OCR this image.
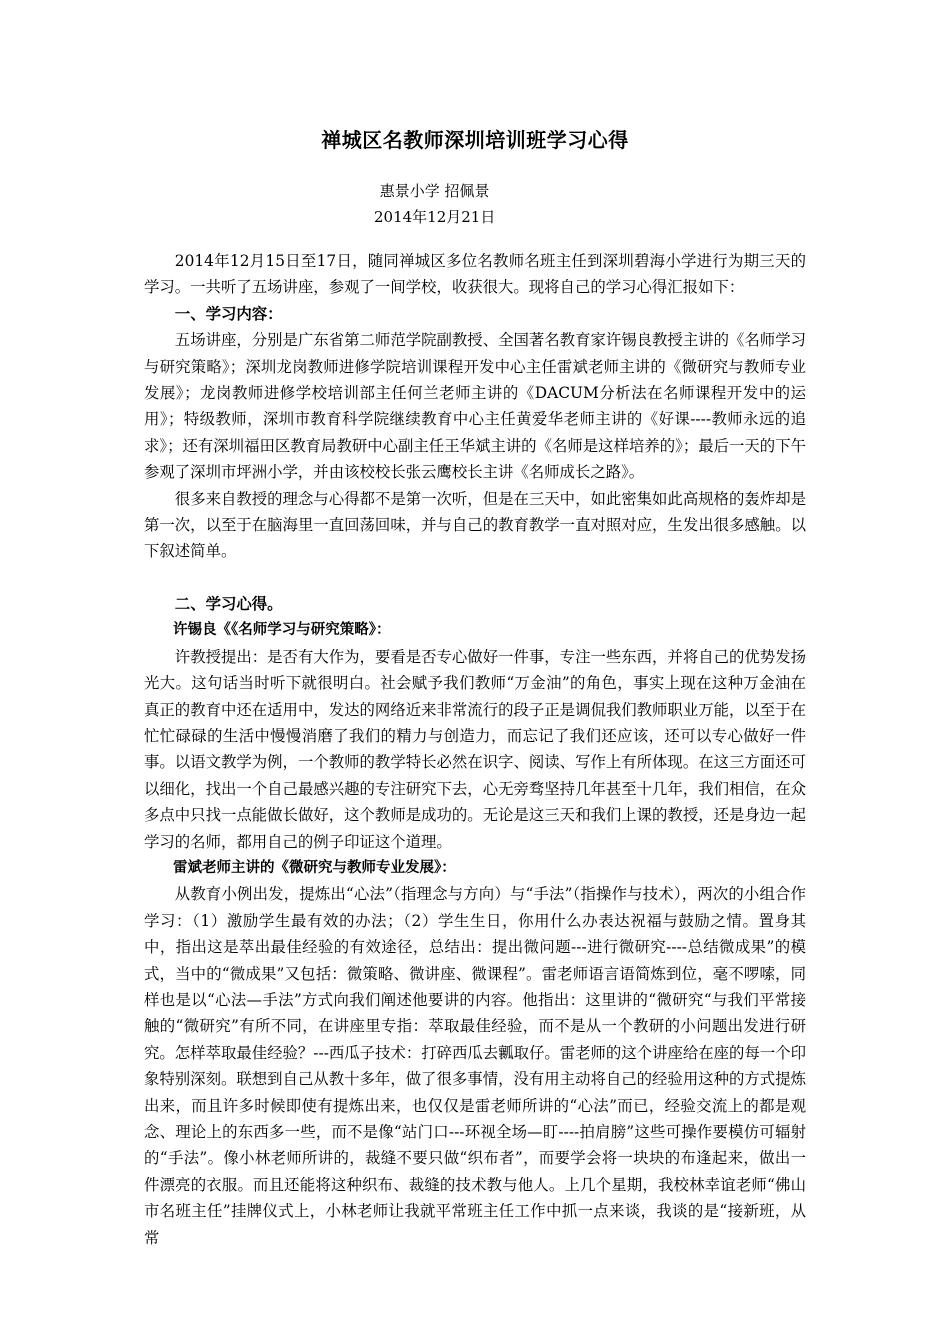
禅城区名教师深圳培训班学习心得
惠景小学 招佩景
2014年12月21日

2014年12月15日至17日，随同禅城区多位名教师名班主任到深圳碧海小学进行为期三天的学习。一共听了五场讲座，参观了一间学校，收获很大。现将自己的学习心得汇报如下：

一、学习内容：

五场讲座，分别是广东省第二师范学院副教授、全国著名教育家许锡良教授主讲的《名师学习与研究策略》；深圳龙岗教师进修学院培训课程开发中心主任雷斌老师主讲的《微研究与教师专业发展》；龙岗教师进修学校培训部主任何兰老师主讲的《DACUM分析法在名师课程开发中的运用》；特级教师，深圳市教育科学院继续教育中心主任黄爱华老师主讲的《好课----教师永远的追求》；还有深圳福田区教育局教研中心副主任王华斌主讲的《名师是这样培养的》；最后一天的下午参观了深圳市坪洲小学，并由该校校长张云鹰校长主讲《名师成长之路》。

很多来自教授的理念与心得都不是第一次听，但是在三天中，如此密集如此高规格的轰炸却是第一次，以至于在脑海里一直回荡回味，并与自己的教育教学一直对照对应，生发出很多感触。以下叙述简单。

二、学习心得。

许锡良《《名师学习与研究策略》：

许教授提出：是否有大作为，要看是否专心做好一件事，专注一些东西，并将自己的优势发扬光大。这句话当时听下就很明白。社会赋予我们教师“万金油”的角色，事实上现在这种万金油在真正的教育中还在适用中，发达的网络近来非常流行的段子正是调侃我们教师职业万能，以至于在忙忙碌碌的生活中慢慢消磨了我们的精力与创造力，而忘记了我们还应该，还可以专心做好一件事。以语文教学为例，一个教师的教学特长必然在识字、阅读、写作上有所体现。在这三方面还可以细化，找出一个自己最感兴趣的专注研究下去，心无旁骛坚持几年甚至十几年，我们相信，在众多点中只找一点能做长做好，这个教师是成功的。无论是这三天和我们上课的教授，还是身边一起学习的名师，都用自己的例子印证这个道理。

雷斌老师主讲的《微研究与教师专业发展》：

从教育小例出发，提炼出“心法”（指理念与方向）与“手法”（指操作与技术），两次的小组合作学习：（1）激励学生最有效的办法；（2）学生生日，你用什么办表达祝福与鼓励之情。置身其中，指出这是萃出最佳经验的有效途径，总结出：提出微问题---进行微研究----总结微成果”的模式，当中的“微成果”又包括：微策略、微讲座、微课程”。雷老师语言语简炼到位，毫不啰嗦，同样也是以“心法—手法”方式向我们阐述他要讲的内容。他指出：这里讲的“微研究“与我们平常接触的“微研究”有所不同，在讲座里专指：萃取最佳经验，而不是从一个教研的小问题出发进行研究。怎样萃取最佳经验？---西瓜子技术：打碎西瓜去瓤取仔。雷老师的这个讲座给在座的每一个印象特别深刻。联想到自己从教十多年，做了很多事情，没有用主动将自己的经验用这种的方式提炼出来，而且许多时候即使有提炼出来，也仅仅是雷老师所讲的“心法”而已，经验交流上的都是观念、理论上的东西多一些，而不是像“站门口---环视全场—盯----拍肩膀”这些可操作要模仿可辐射的“手法”。像小林老师所讲的，裁缝不要只做“织布者”，而要学会将一块块的布逢起来，做出一件漂亮的衣服。而且还能将这种织布、裁缝的技术教与他人。上几个星期，我校林幸谊老师“佛山市名班主任”挂牌仪式上，小林老师让我就平常班主任工作中抓一点来谈，我谈的是“接新班，从常
